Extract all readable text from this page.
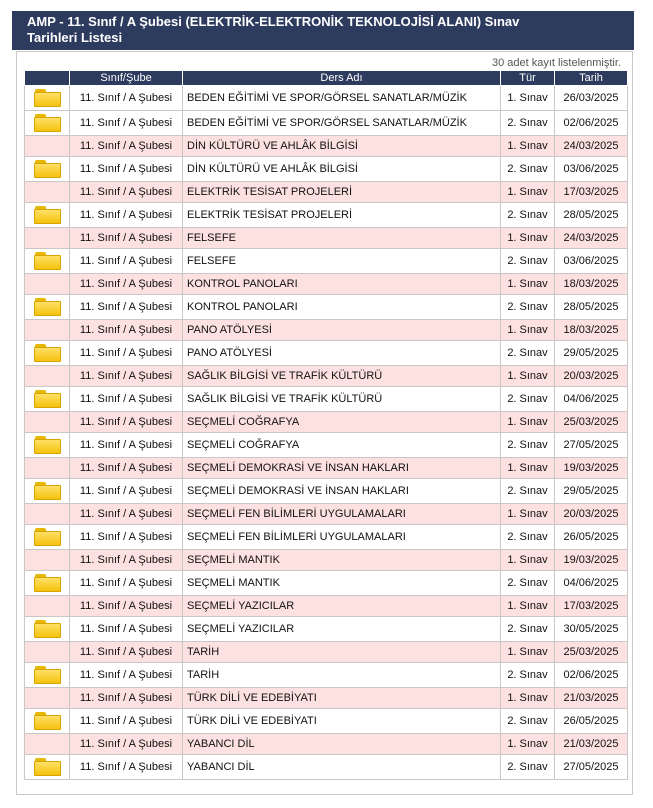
AMP - 11. Sınıf / A Şubesi (ELEKTRİK-ELEKTRONİK TEKNOLOJİSİ ALANI) Sınav Tarihleri Listesi
30 adet kayıt listelenmiştir.
	Sınıf/Şube	Ders Adı	Tür	Tarih

	11. Sınıf / A Şubesi	BEDEN EĞİTİMİ VE SPOR/GÖRSEL SANATLAR/MÜZİK	1. Sınav	26/03/2025

	11. Sınıf / A Şubesi	BEDEN EĞİTİMİ VE SPOR/GÖRSEL SANATLAR/MÜZİK	2. Sınav	02/06/2025
	11. Sınıf / A Şubesi	DİN KÜLTÜRÜ VE AHLÂK BİLGİSİ	1. Sınav	24/03/2025

	11. Sınıf / A Şubesi	DİN KÜLTÜRÜ VE AHLÂK BİLGİSİ	2. Sınav	03/06/2025
	11. Sınıf / A Şubesi	ELEKTRİK TESİSAT PROJELERİ	1. Sınav	17/03/2025

	11. Sınıf / A Şubesi	ELEKTRİK TESİSAT PROJELERİ	2. Sınav	28/05/2025
	11. Sınıf / A Şubesi	FELSEFE	1. Sınav	24/03/2025

	11. Sınıf / A Şubesi	FELSEFE	2. Sınav	03/06/2025
	11. Sınıf / A Şubesi	KONTROL PANOLARI	1. Sınav	18/03/2025

	11. Sınıf / A Şubesi	KONTROL PANOLARI	2. Sınav	28/05/2025
	11. Sınıf / A Şubesi	PANO ATÖLYESİ	1. Sınav	18/03/2025

	11. Sınıf / A Şubesi	PANO ATÖLYESİ	2. Sınav	29/05/2025
	11. Sınıf / A Şubesi	SAĞLIK BİLGİSİ VE TRAFİK KÜLTÜRÜ	1. Sınav	20/03/2025

	11. Sınıf / A Şubesi	SAĞLIK BİLGİSİ VE TRAFİK KÜLTÜRÜ	2. Sınav	04/06/2025
	11. Sınıf / A Şubesi	SEÇMELİ COĞRAFYA	1. Sınav	25/03/2025

	11. Sınıf / A Şubesi	SEÇMELİ COĞRAFYA	2. Sınav	27/05/2025
	11. Sınıf / A Şubesi	SEÇMELİ DEMOKRASİ VE İNSAN HAKLARI	1. Sınav	19/03/2025

	11. Sınıf / A Şubesi	SEÇMELİ DEMOKRASİ VE İNSAN HAKLARI	2. Sınav	29/05/2025
	11. Sınıf / A Şubesi	SEÇMELİ FEN BİLİMLERİ UYGULAMALARI	1. Sınav	20/03/2025

	11. Sınıf / A Şubesi	SEÇMELİ FEN BİLİMLERİ UYGULAMALARI	2. Sınav	26/05/2025
	11. Sınıf / A Şubesi	SEÇMELİ MANTIK	1. Sınav	19/03/2025

	11. Sınıf / A Şubesi	SEÇMELİ MANTIK	2. Sınav	04/06/2025
	11. Sınıf / A Şubesi	SEÇMELİ YAZICILAR	1. Sınav	17/03/2025

	11. Sınıf / A Şubesi	SEÇMELİ YAZICILAR	2. Sınav	30/05/2025
	11. Sınıf / A Şubesi	TARİH	1. Sınav	25/03/2025

	11. Sınıf / A Şubesi	TARİH	2. Sınav	02/06/2025
	11. Sınıf / A Şubesi	TÜRK DİLİ VE EDEBİYATI	1. Sınav	21/03/2025

	11. Sınıf / A Şubesi	TÜRK DİLİ VE EDEBİYATI	2. Sınav	26/05/2025
	11. Sınıf / A Şubesi	YABANCI DİL	1. Sınav	21/03/2025

	11. Sınıf / A Şubesi	YABANCI DİL	2. Sınav	27/05/2025
